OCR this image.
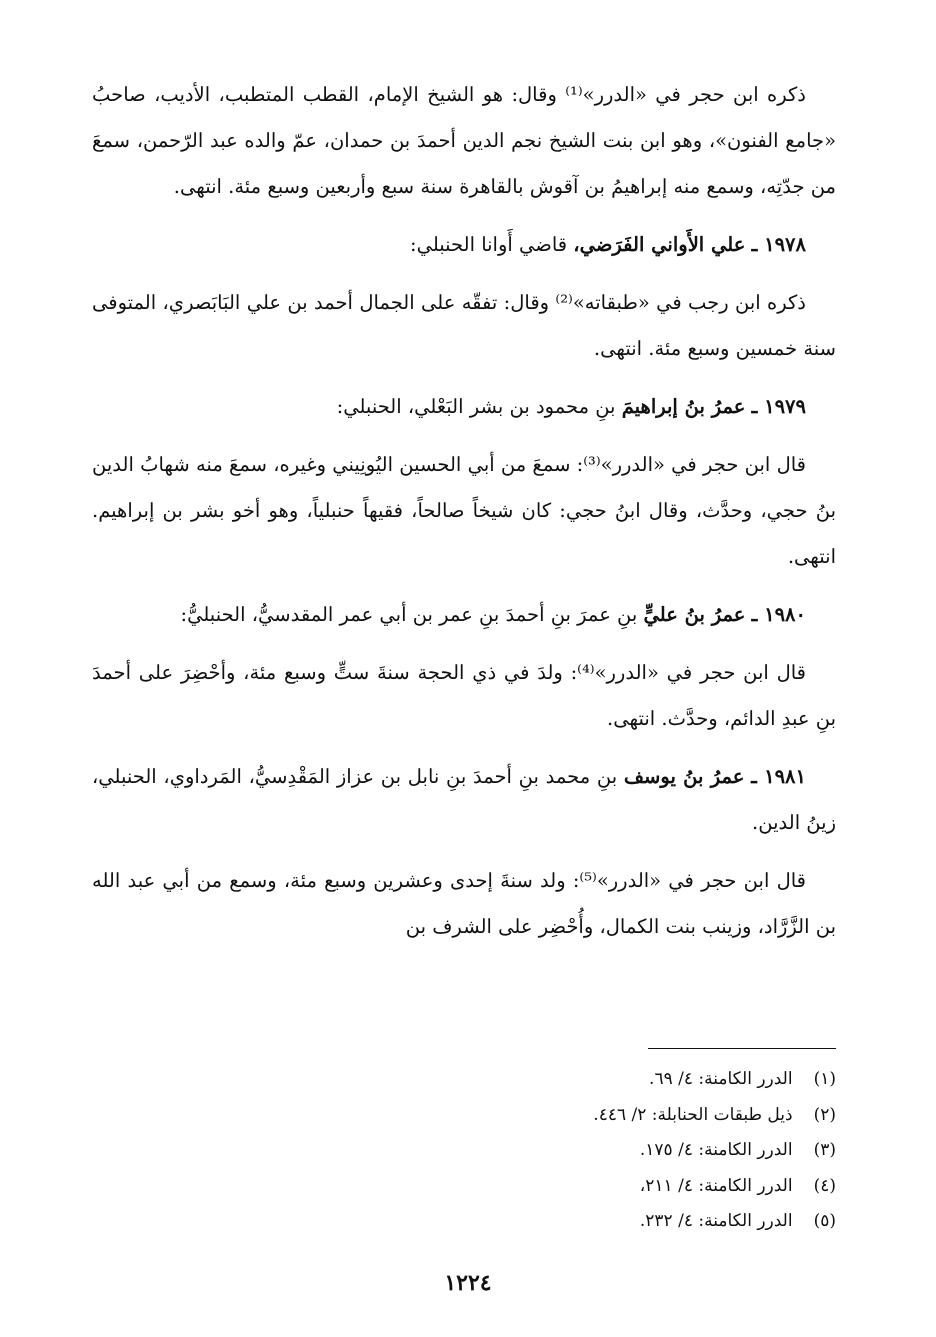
ذكره ابن حجر في «الدرر»⁽¹⁾ وقال: هو الشيخ الإمام، القطب المتطبب، الأديب، صاحبُ «جامع الفنون»، وهو ابن بنت الشيخ نجم الدين أحمدَ بن حمدان، عمّ والده عبد الرّحمن، سمعَ من جدّتِه، وسمع منه إبراهيمُ بن آقوش بالقاهرة سنة سبع وأربعين وسبع مئة. انتهى.

١٩٧٨ ـ علي الأَواني الفَرَضي، قاضي أَوانا الحنبلي:

ذكره ابن رجب في «طبقاته»⁽²⁾ وقال: تفقّه على الجمال أحمد بن علي البَابَصري، المتوفى سنة خمسين وسبع مئة. انتهى.

١٩٧٩ ـ عمرُ بنُ إبراهيمَ بنِ محمود بن بشر البَعْلي، الحنبلي:

قال ابن حجر في «الدرر»⁽³⁾: سمعَ من أبي الحسين اليُونِيني وغيره، سمعَ منه شهابُ الدين بنُ حجي، وحدَّث، وقال ابنُ حجي: كان شيخاً صالحاً، فقيهاً حنبلياً، وهو أخو بشر بن إبراهيم. انتهى.

١٩٨٠ ـ عمرُ بنُ عليٍّ بنِ عمرَ بنِ أحمدَ بنِ عمر بن أبي عمر المقدسيُّ، الحنبليُّ:

قال ابن حجر في «الدرر»⁽⁴⁾: ولدَ في ذي الحجة سنةَ ستٍّ وسبع مئة، وأحْضِرَ على أحمدَ بنِ عبدِ الدائم، وحدَّث. انتهى.

١٩٨١ ـ عمرُ بنُ يوسف بنِ محمد بنِ أحمدَ بنِ نابل بن عزاز المَقْدِسيُّ، المَرداوي، الحنبلي، زينُ الدين.

قال ابن حجر في «الدرر»⁽⁵⁾: ولد سنةَ إحدى وعشرين وسبع مئة، وسمع من أبي عبد الله بن الزَّرَّاد، وزينب بنت الكمال، وأُحْضِر على الشرف بن

(١) الدرر الكامنة: ٤/ ٦٩.
(٢) ذيل طبقات الحنابلة: ٢/ ٤٤٦.
(٣) الدرر الكامنة: ٤/ ١٧٥.
(٤) الدرر الكامنة: ٤/ ٢١١،
(٥) الدرر الكامنة: ٤/ ٢٣٢.
١٢٢٤
